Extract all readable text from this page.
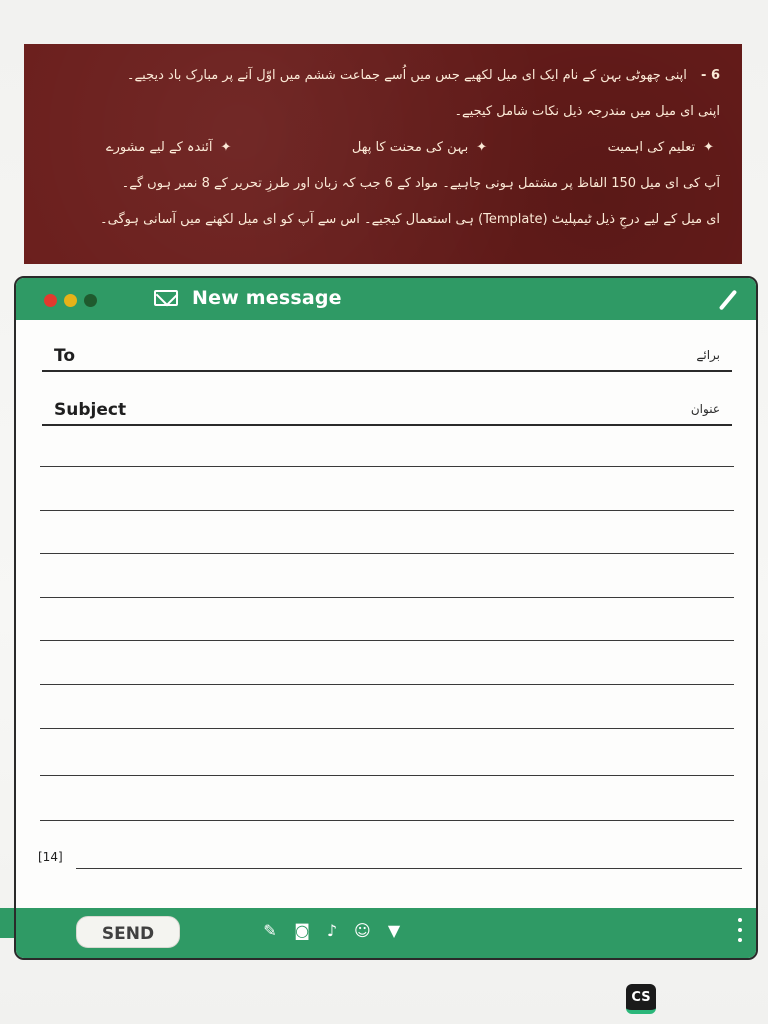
6 - اپنی چھوٹی بہن کے نام ایک ای میل لکھیے جس میں اُسے جماعت ششم میں اوّل آنے پر مبارک باد دیجیے۔
اپنی ای میل میں مندرجہ ذیل نکات شامل کیجیے۔
✦تعلیم کی اہمیت
✦بہن کی محنت کا پھل
✦آئندہ کے لیے مشورے
آپ کی ای میل 150 الفاظ پر مشتمل ہونی چاہیے۔ مواد کے 6 جب کہ زبان اور طرزِ تحریر کے 8 نمبر ہوں گے۔
ای میل کے لیے درجِ ذیل ٹیمپلیٹ (Template) ہی استعمال کیجیے۔ اس سے آپ کو ای میل لکھنے میں آسانی ہوگی۔
New message
To	برائے
Subject	عنوان
[14]
SEND	✎ ◙ ♪ ☺ ▼
CS
